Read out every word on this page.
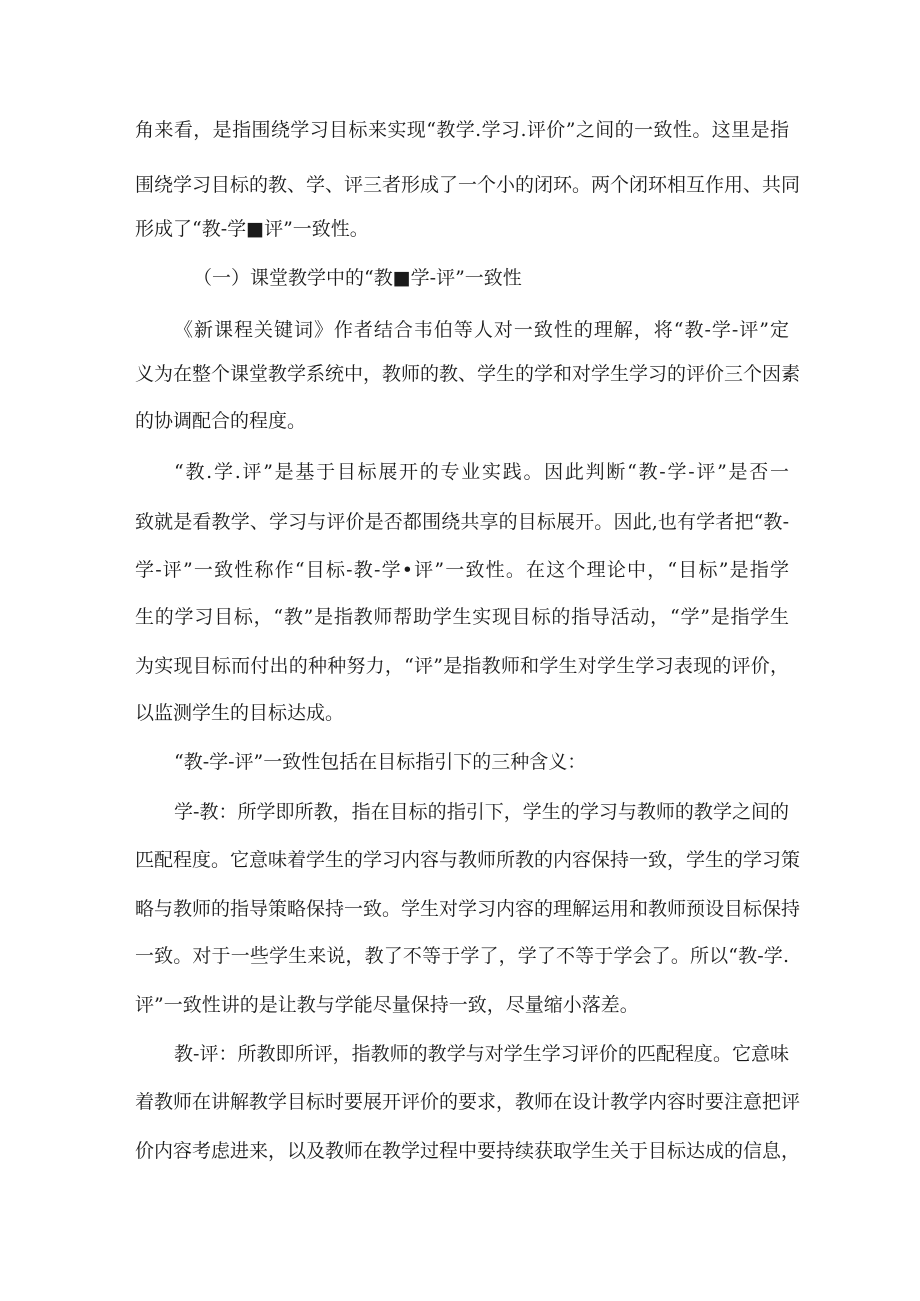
角来看，是指围绕学习目标来实现“教学.学习.评价”之间的一致性。这里是指
围绕学习目标的教、学、评三者形成了一个小的闭环。两个闭环相互作用、共同
形成了“教-学■评”一致性。
（一）课堂教学中的“教■学-评”一致性
《新课程关键词》作者结合韦伯等人对一致性的理解，将“教-学-评”定
义为在整个课堂教学系统中，教师的教、学生的学和对学生学习的评价三个因素
的协调配合的程度。
“教.学.评”是基于目标展开的专业实践。因此判断“教-学-评”是否一
致就是看教学、学习与评价是否都围绕共享的目标展开。因此,也有学者把“教-
学-评”一致性称作“目标-教-学•评”一致性。在这个理论中，“目标”是指学
生的学习目标，“教”是指教师帮助学生实现目标的指导活动，“学”是指学生
为实现目标而付出的种种努力，“评”是指教师和学生对学生学习表现的评价，
以监测学生的目标达成。
“教-学-评”一致性包括在目标指引下的三种含义：
学-教：所学即所教，指在目标的指引下，学生的学习与教师的教学之间的
匹配程度。它意味着学生的学习内容与教师所教的内容保持一致，学生的学习策
略与教师的指导策略保持一致。学生对学习内容的理解运用和教师预设目标保持
一致。对于一些学生来说，教了不等于学了，学了不等于学会了。所以“教-学.
评”一致性讲的是让教与学能尽量保持一致，尽量缩小落差。
教-评：所教即所评，指教师的教学与对学生学习评价的匹配程度。它意味
着教师在讲解教学目标时要展开评价的要求，教师在设计教学内容时要注意把评
价内容考虑进来，以及教师在教学过程中要持续获取学生关于目标达成的信息，
